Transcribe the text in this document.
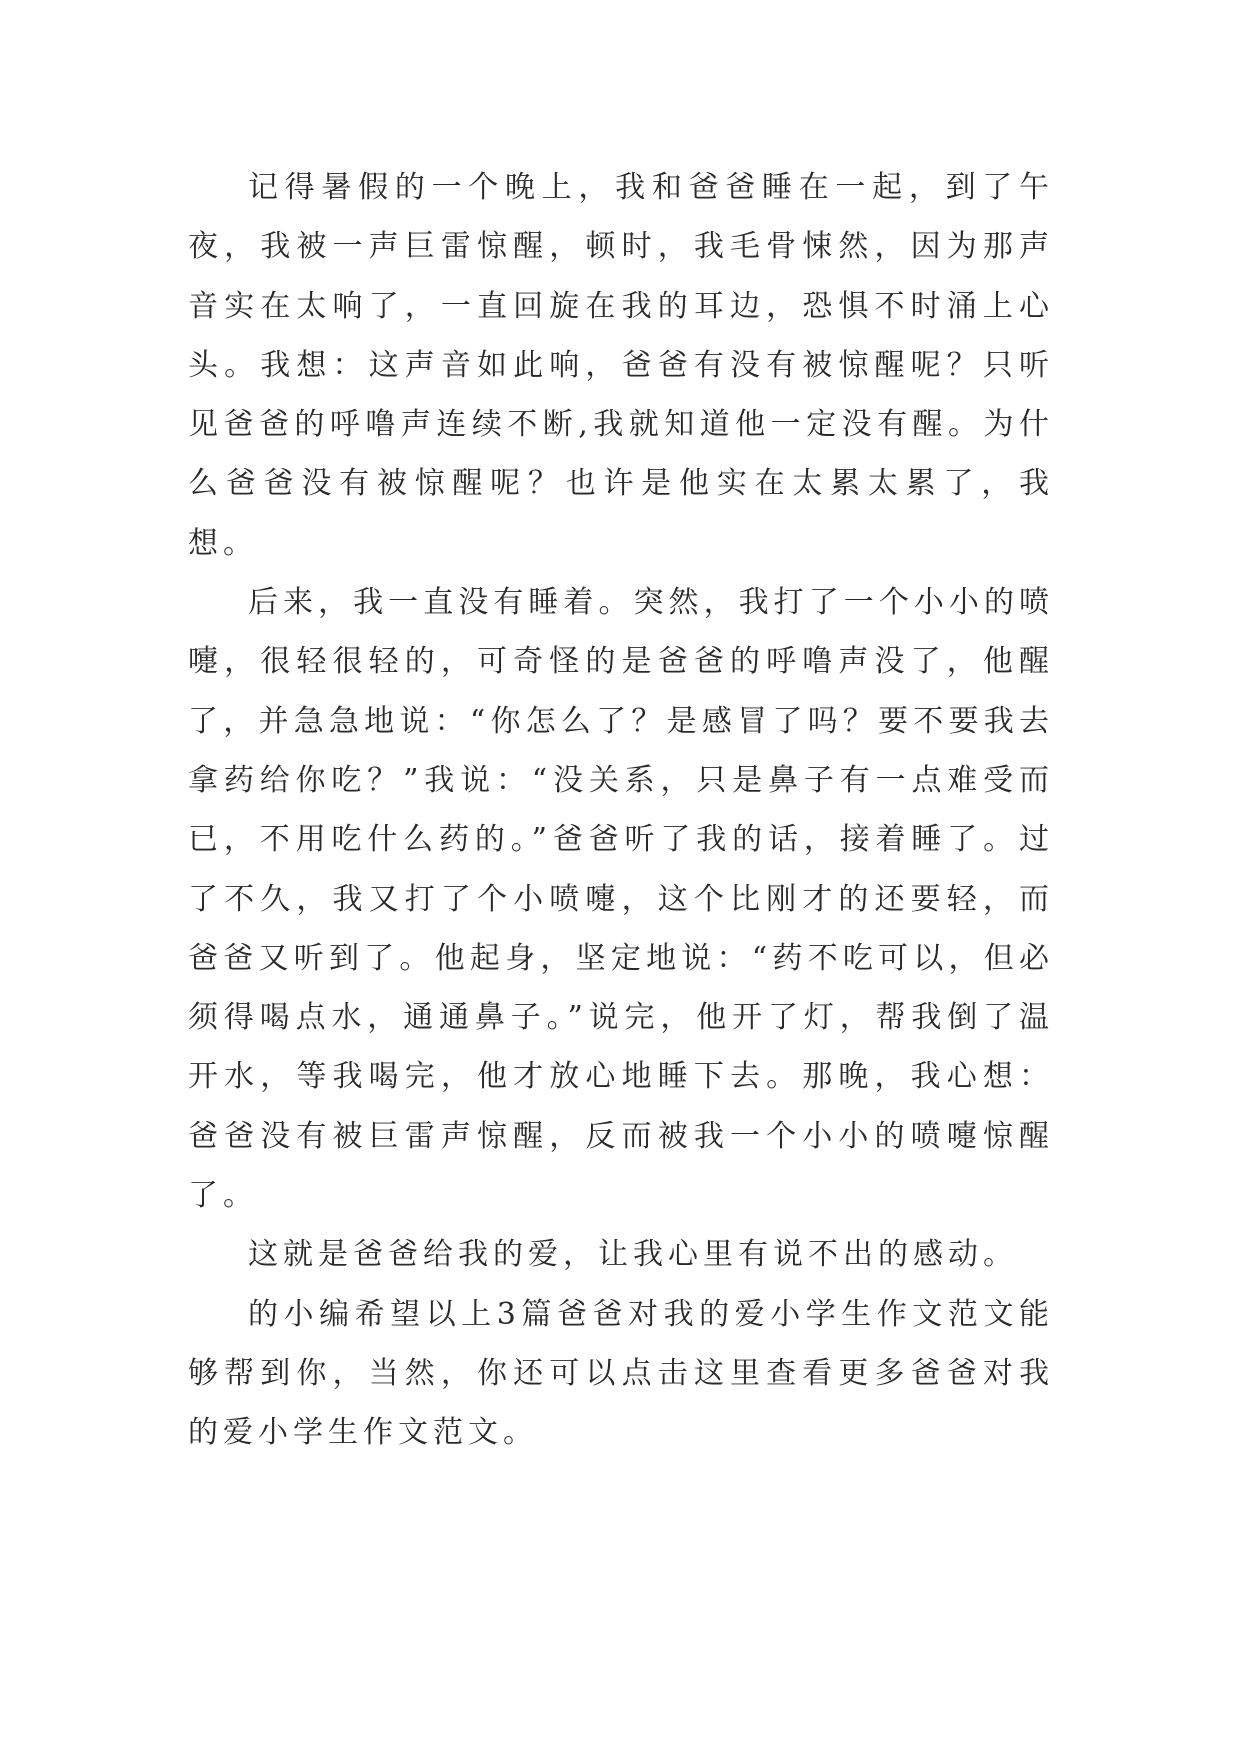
记得暑假的一个晚上，我和爸爸睡在一起，到了午夜，我被一声巨雷惊醒，顿时，我毛骨悚然，因为那声音实在太响了，一直回旋在我的耳边，恐惧不时涌上心头。我想：这声音如此响，爸爸有没有被惊醒呢？只听见爸爸的呼噜声连续不断,我就知道他一定没有醒。为什么爸爸没有被惊醒呢？也许是他实在太累太累了，我想。

后来，我一直没有睡着。突然，我打了一个小小的喷嚏，很轻很轻的，可奇怪的是爸爸的呼噜声没了，他醒了，并急急地说：“你怎么了？是感冒了吗？要不要我去拿药给你吃？”我说：“没关系，只是鼻子有一点难受而已，不用吃什么药的。”爸爸听了我的话，接着睡了。过了不久，我又打了个小喷嚏，这个比刚才的还要轻，而爸爸又听到了。他起身，坚定地说：“药不吃可以，但必须得喝点水，通通鼻子。”说完，他开了灯，帮我倒了温开水，等我喝完，他才放心地睡下去。那晚，我心想：爸爸没有被巨雷声惊醒，反而被我一个小小的喷嚏惊醒了。

这就是爸爸给我的爱，让我心里有说不出的感动。

的小编希望以上3篇爸爸对我的爱小学生作文范文能够帮到你，当然，你还可以点击这里查看更多爸爸对我的爱小学生作文范文。
